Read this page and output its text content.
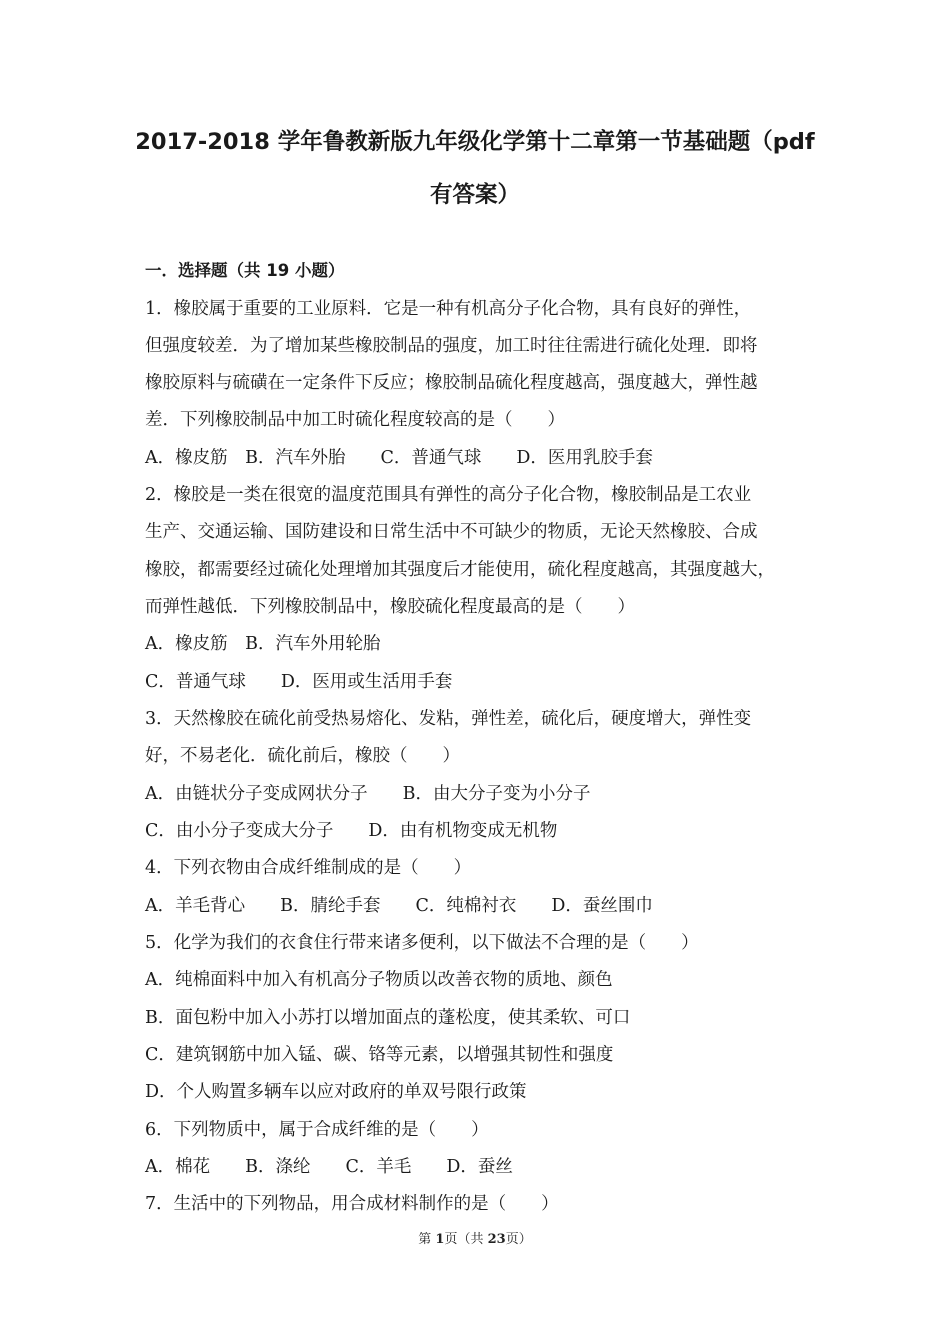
2017-2018 学年鲁教新版九年级化学第十二章第一节基础题（pdf
有答案）
一．选择题（共 19 小题）
1．橡胶属于重要的工业原料．它是一种有机高分子化合物，具有良好的弹性，
但强度较差．为了增加某些橡胶制品的强度，加工时往往需进行硫化处理．即将
橡胶原料与硫磺在一定条件下反应；橡胶制品硫化程度越高，强度越大，弹性越
差．下列橡胶制品中加工时硫化程度较高的是（　　）
A．橡皮筋　B．汽车外胎　　C．普通气球　　D．医用乳胶手套
2．橡胶是一类在很宽的温度范围具有弹性的高分子化合物，橡胶制品是工农业
生产、交通运输、国防建设和日常生活中不可缺少的物质，无论天然橡胶、合成
橡胶，都需要经过硫化处理增加其强度后才能使用，硫化程度越高，其强度越大，
而弹性越低．下列橡胶制品中，橡胶硫化程度最高的是（　　）
A．橡皮筋　B．汽车外用轮胎
C．普通气球　　D．医用或生活用手套
3．天然橡胶在硫化前受热易熔化、发粘，弹性差，硫化后，硬度增大，弹性变
好，不易老化．硫化前后，橡胶（　　）
A．由链状分子变成网状分子　　B．由大分子变为小分子
C．由小分子变成大分子　　D．由有机物变成无机物
4．下列衣物由合成纤维制成的是（　　）
A．羊毛背心　　B．腈纶手套　　C．纯棉衬衣　　D．蚕丝围巾
5．化学为我们的衣食住行带来诸多便利，以下做法不合理的是（　　）
A．纯棉面料中加入有机高分子物质以改善衣物的质地、颜色
B．面包粉中加入小苏打以增加面点的蓬松度，使其柔软、可口
C．建筑钢筋中加入锰、碳、铬等元素，以增强其韧性和强度
D．个人购置多辆车以应对政府的单双号限行政策
6．下列物质中，属于合成纤维的是（　　）
A．棉花　　B．涤纶　　C．羊毛　　D．蚕丝
7．生活中的下列物品，用合成材料制作的是（　　）
第 1页（共 23页）
